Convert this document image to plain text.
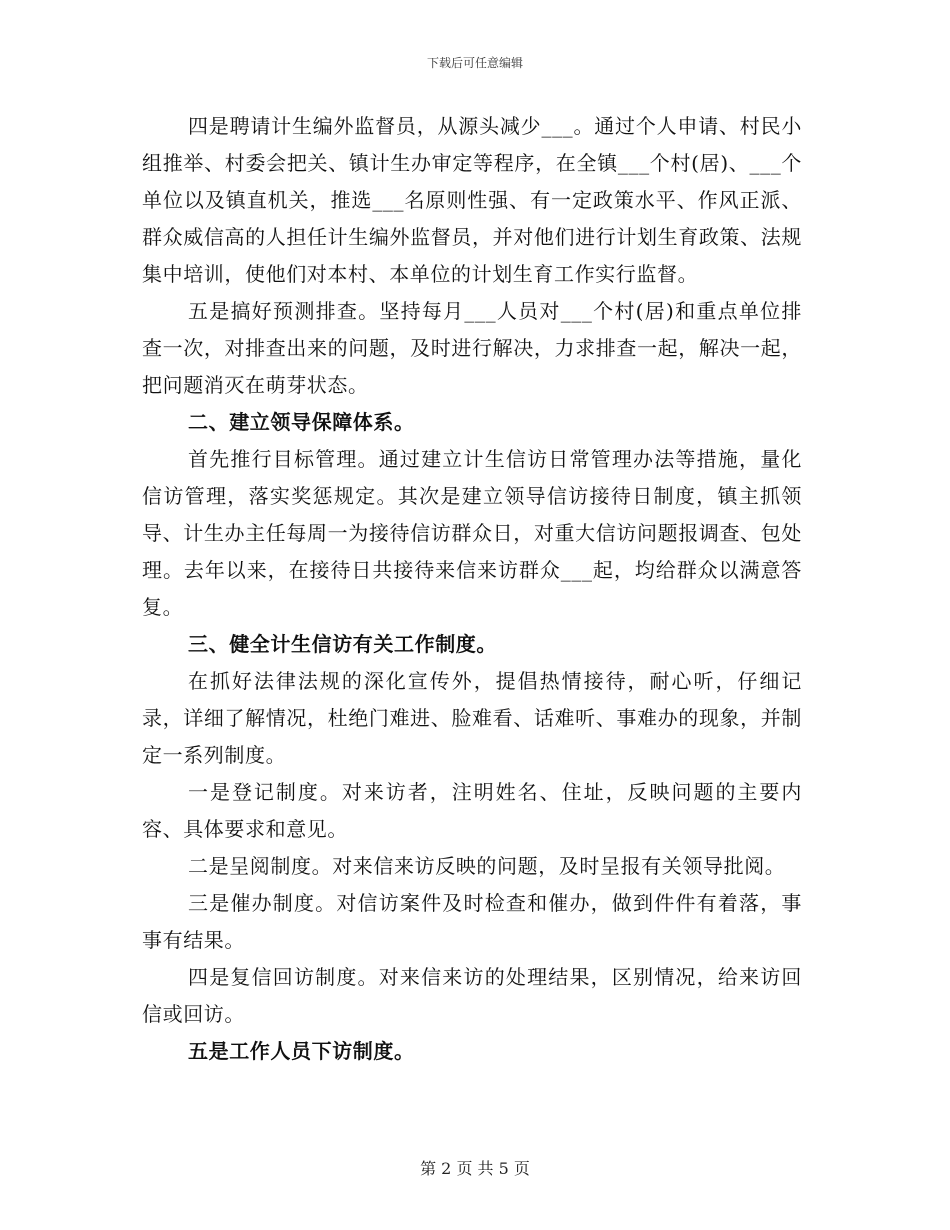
下载后可任意编辑

四是聘请计生编外监督员，从源头减少___。通过个人申请、村民小组推举、村委会把关、镇计生办审定等程序，在全镇___个村(居)、___个单位以及镇直机关，推选___名原则性强、有一定政策水平、作风正派、群众威信高的人担任计生编外监督员，并对他们进行计划生育政策、法规集中培训，使他们对本村、本单位的计划生育工作实行监督。

五是搞好预测排查。坚持每月___人员对___个村(居)和重点单位排查一次，对排查出来的问题，及时进行解决，力求排查一起，解决一起，把问题消灭在萌芽状态。

二、建立领导保障体系。

首先推行目标管理。通过建立计生信访日常管理办法等措施，量化信访管理，落实奖惩规定。其次是建立领导信访接待日制度，镇主抓领导、计生办主任每周一为接待信访群众日，对重大信访问题报调查、包处理。去年以来，在接待日共接待来信来访群众___起，均给群众以满意答复。

三、健全计生信访有关工作制度。

在抓好法律法规的深化宣传外，提倡热情接待，耐心听，仔细记录，详细了解情况，杜绝门难进、脸难看、话难听、事难办的现象，并制定一系列制度。

一是登记制度。对来访者，注明姓名、住址，反映问题的主要内容、具体要求和意见。

二是呈阅制度。对来信来访反映的问题，及时呈报有关领导批阅。

三是催办制度。对信访案件及时检查和催办，做到件件有着落，事事有结果。

四是复信回访制度。对来信来访的处理结果，区别情况，给来访回信或回访。

五是工作人员下访制度。

第 2 页 共 5 页
